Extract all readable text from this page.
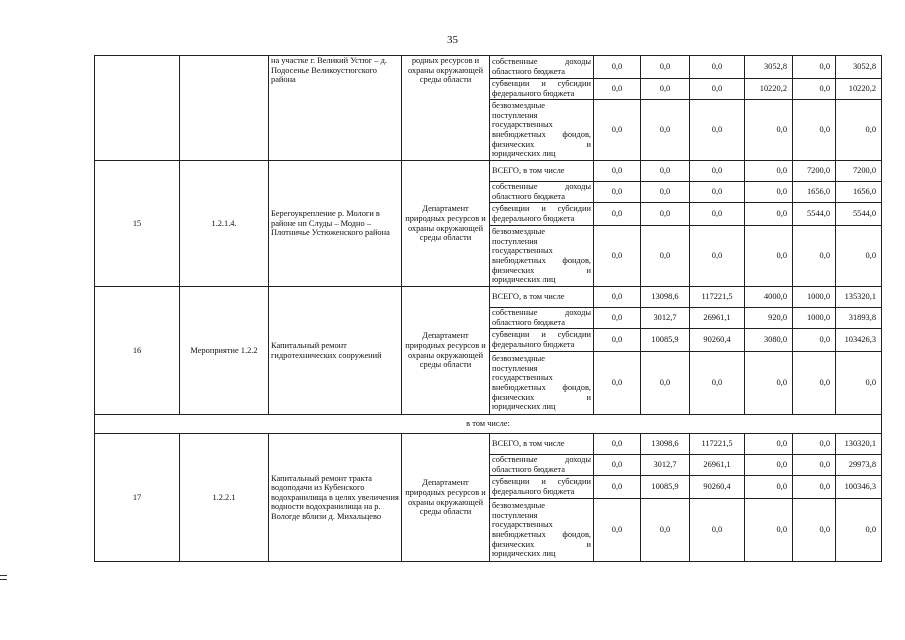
35
		на участке г. Великий Устюг – д. Подосенье Великоустюгского района	родных ресурсов и охраны окружающей среды области	собственные доходы областного бюджета	0,0	0,0	0,0	3052,8	0,0	3052,8
				субвенции и субсидии федерального бюджета	0,0	0,0	0,0	10220,2	0,0	10220,2
				безвозмездные поступления государственных внебюджетных фондов, физических и юридических лиц	0,0	0,0	0,0	0,0	0,0	0,0
15	1.2.1.4.	Берегоукрепление р. Мологи в районе нп Слуды – Модно – Плотничье Устюженского района	Департамент природных ресурсов и охраны окружающей среды области	ВСЕГО, в том числе	0,0	0,0	0,0	0,0	7200,0	7200,0
				собственные доходы областного бюджета	0,0	0,0	0,0	0,0	1656,0	1656,0
				субвенции и субсидии федерального бюджета	0,0	0,0	0,0	0,0	5544,0	5544,0
				безвозмездные поступления государственных внебюджетных фондов, физических и юридических лиц	0,0	0,0	0,0	0,0	0,0	0,0
16	Мероприятие 1.2.2	Капитальный ремонт гидротехнических сооружений	Департамент природных ресурсов и охраны окружающей среды области	ВСЕГО, в том числе	0,0	13098,6	117221,5	4000,0	1000,0	135320,1
				собственные доходы областного бюджета	0,0	3012,7	26961,1	920,0	1000,0	31893,8
				субвенции и субсидии федерального бюджета	0,0	10085,9	90260,4	3080,0	0,0	103426,3
				безвозмездные поступления государственных внебюджетных фондов, физических и юридических лиц	0,0	0,0	0,0	0,0	0,0	0,0
в том числе:										
17	1.2.2.1	Капитальный ремонт тракта водоподачи из Кубенского водохранилища в целях увеличения водности водохранилища на р. Вологде вблизи д. Михальцево	Департамент природных ресурсов и охраны окружающей среды области	ВСЕГО, в том числе	0,0	13098,6	117221,5	0,0	0,0	130320,1
				собственные доходы областного бюджета	0,0	3012,7	26961,1	0,0	0,0	29973,8
				субвенции и субсидии федерального бюджета	0,0	10085,9	90260,4	0,0	0,0	100346,3
				безвозмездные поступления государственных внебюджетных фондов, физических и юридических лиц	0,0	0,0	0,0	0,0	0,0	0,0
